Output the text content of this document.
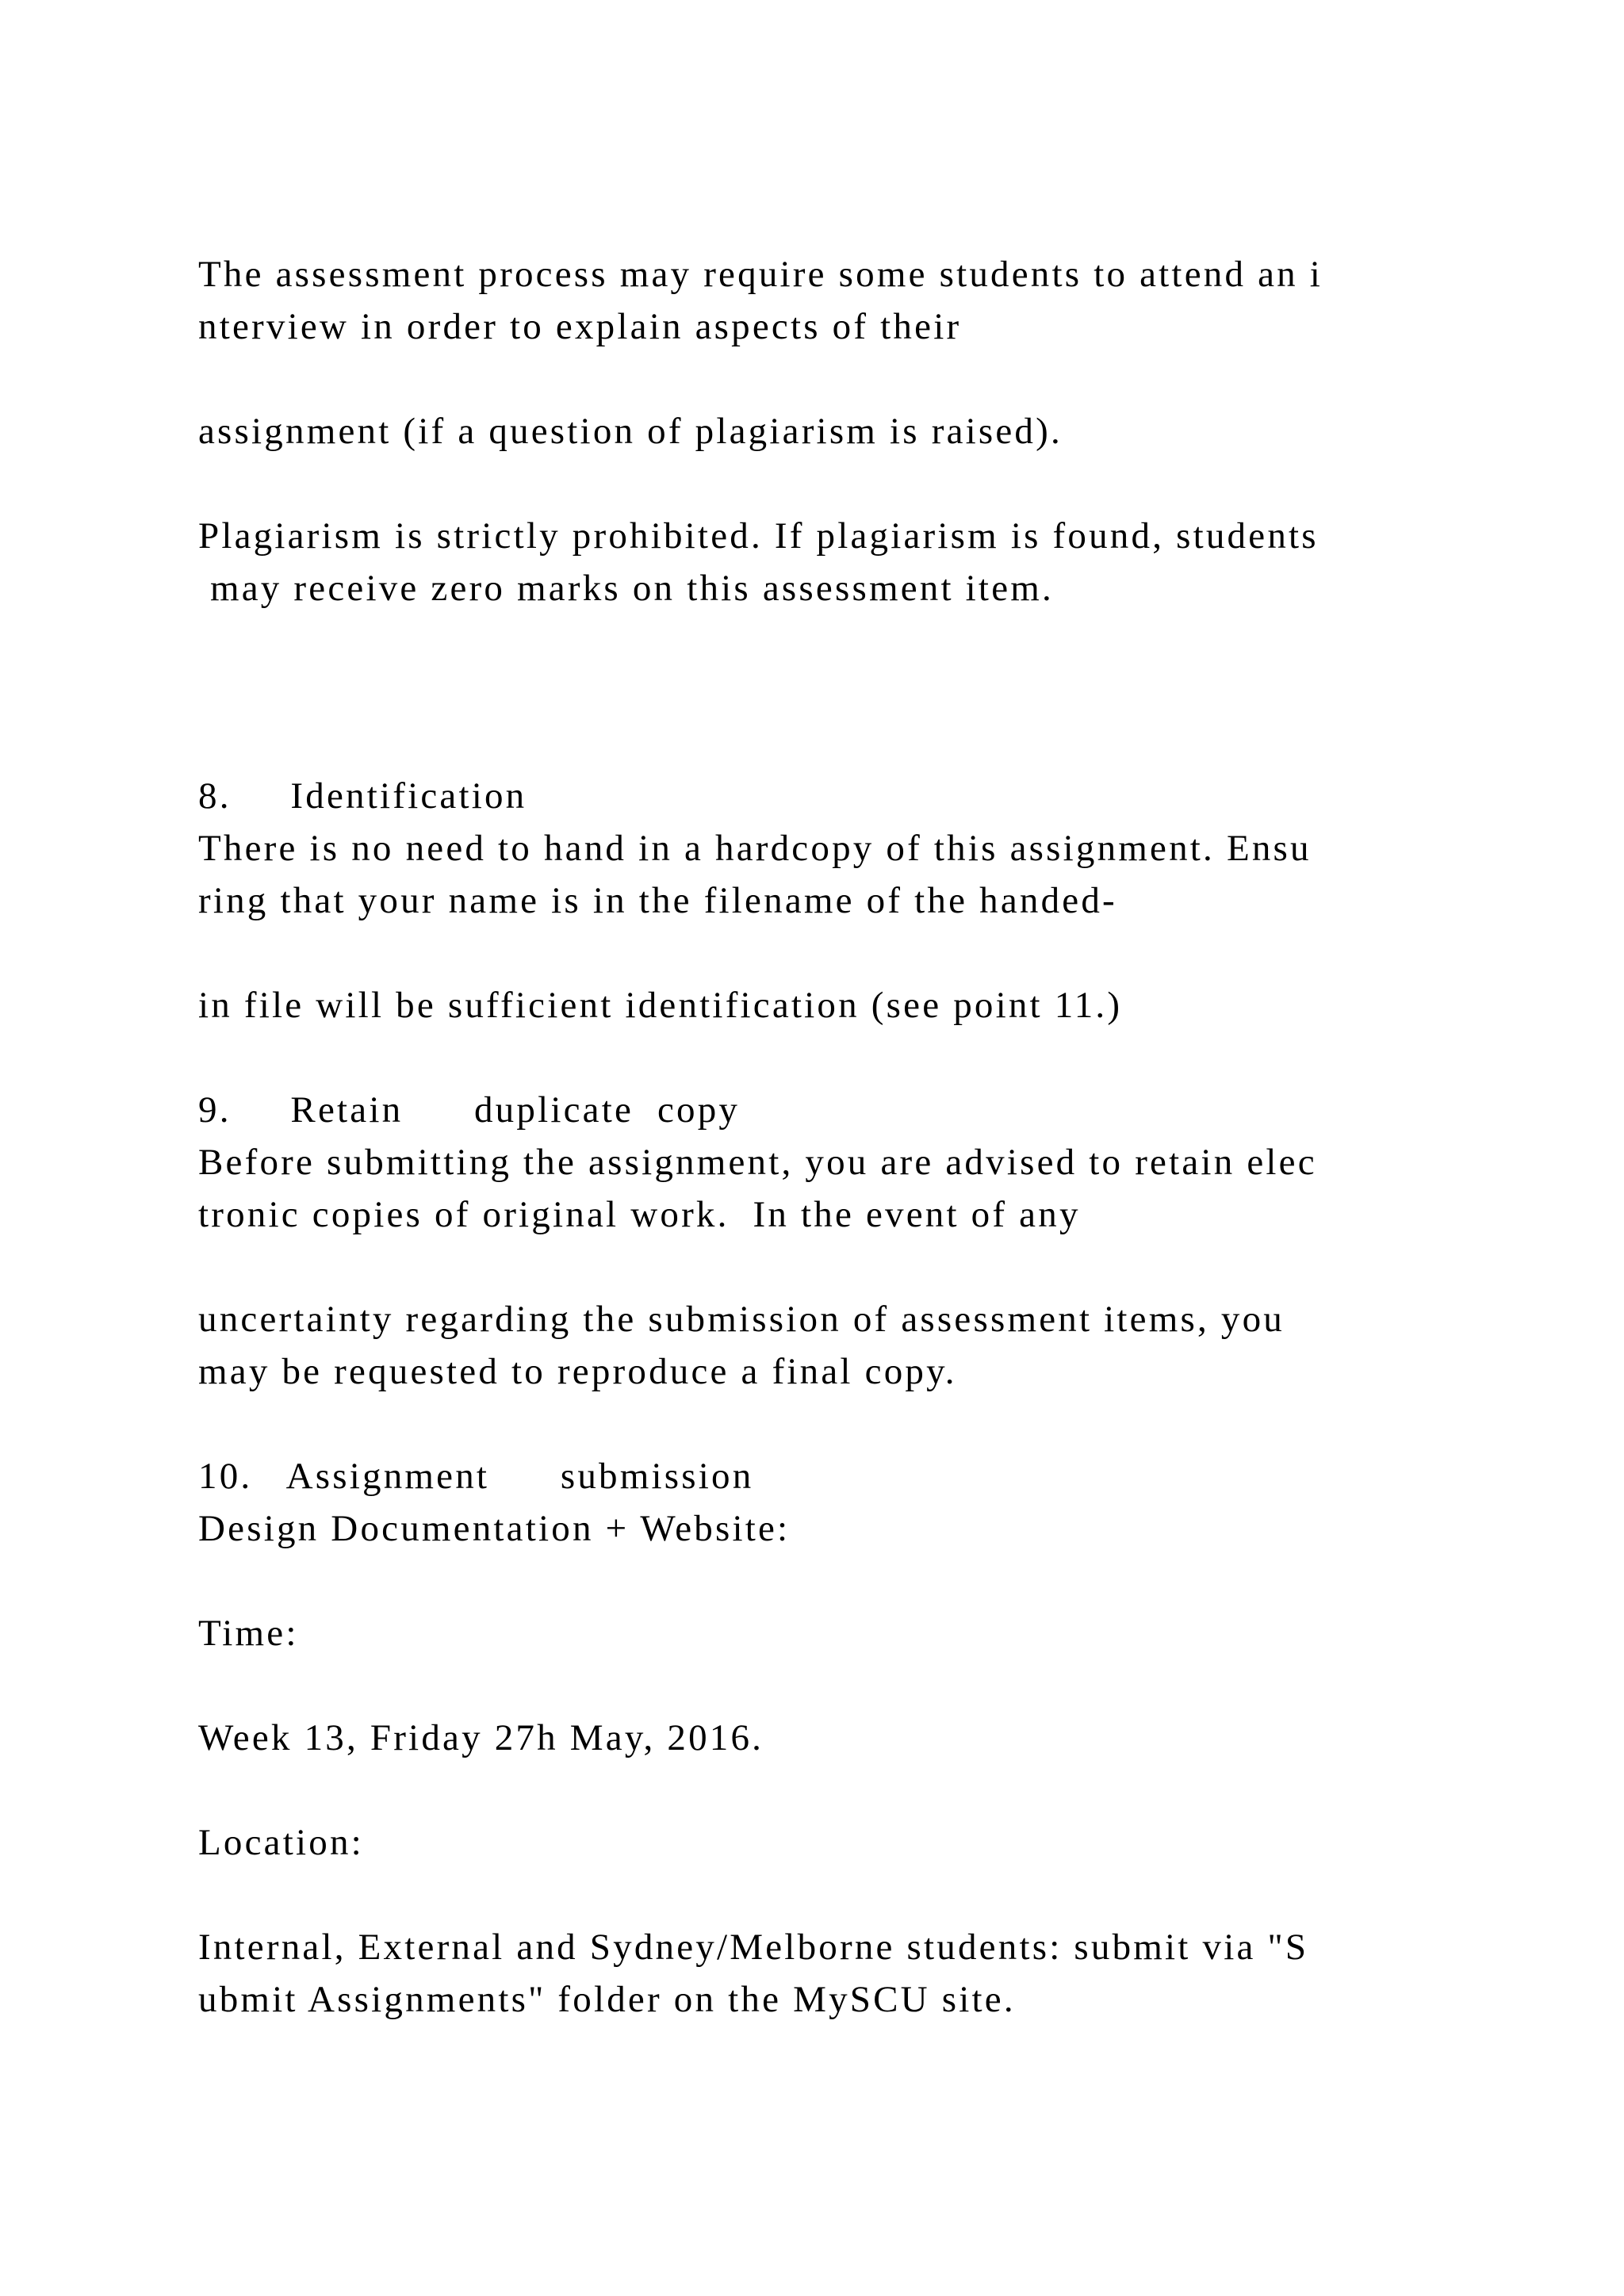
The assessment process may require some students to attend an i

nterview in order to explain aspects of their

assignment (if a question of plagiarism is raised).

Plagiarism is strictly prohibited. If plagiarism is found, students

may receive zero marks on this assessment item.

8.     Identification

There is no need to hand in a hardcopy of this assignment. Ensu

ring that your name is in the filename of the handed-

in file will be sufficient identification (see point 11.)

9.     Retain      duplicate  copy

Before submitting the assignment, you are advised to retain elec

tronic copies of original work.  In the event of any

uncertainty regarding the submission of assessment items, you

may be requested to reproduce a final copy.

10.   Assignment      submission

Design Documentation + Website:

Time:

Week 13, Friday 27h May, 2016.

Location:

Internal, External and Sydney/Melborne students: submit via "S

ubmit Assignments" folder on the MySCU site.
